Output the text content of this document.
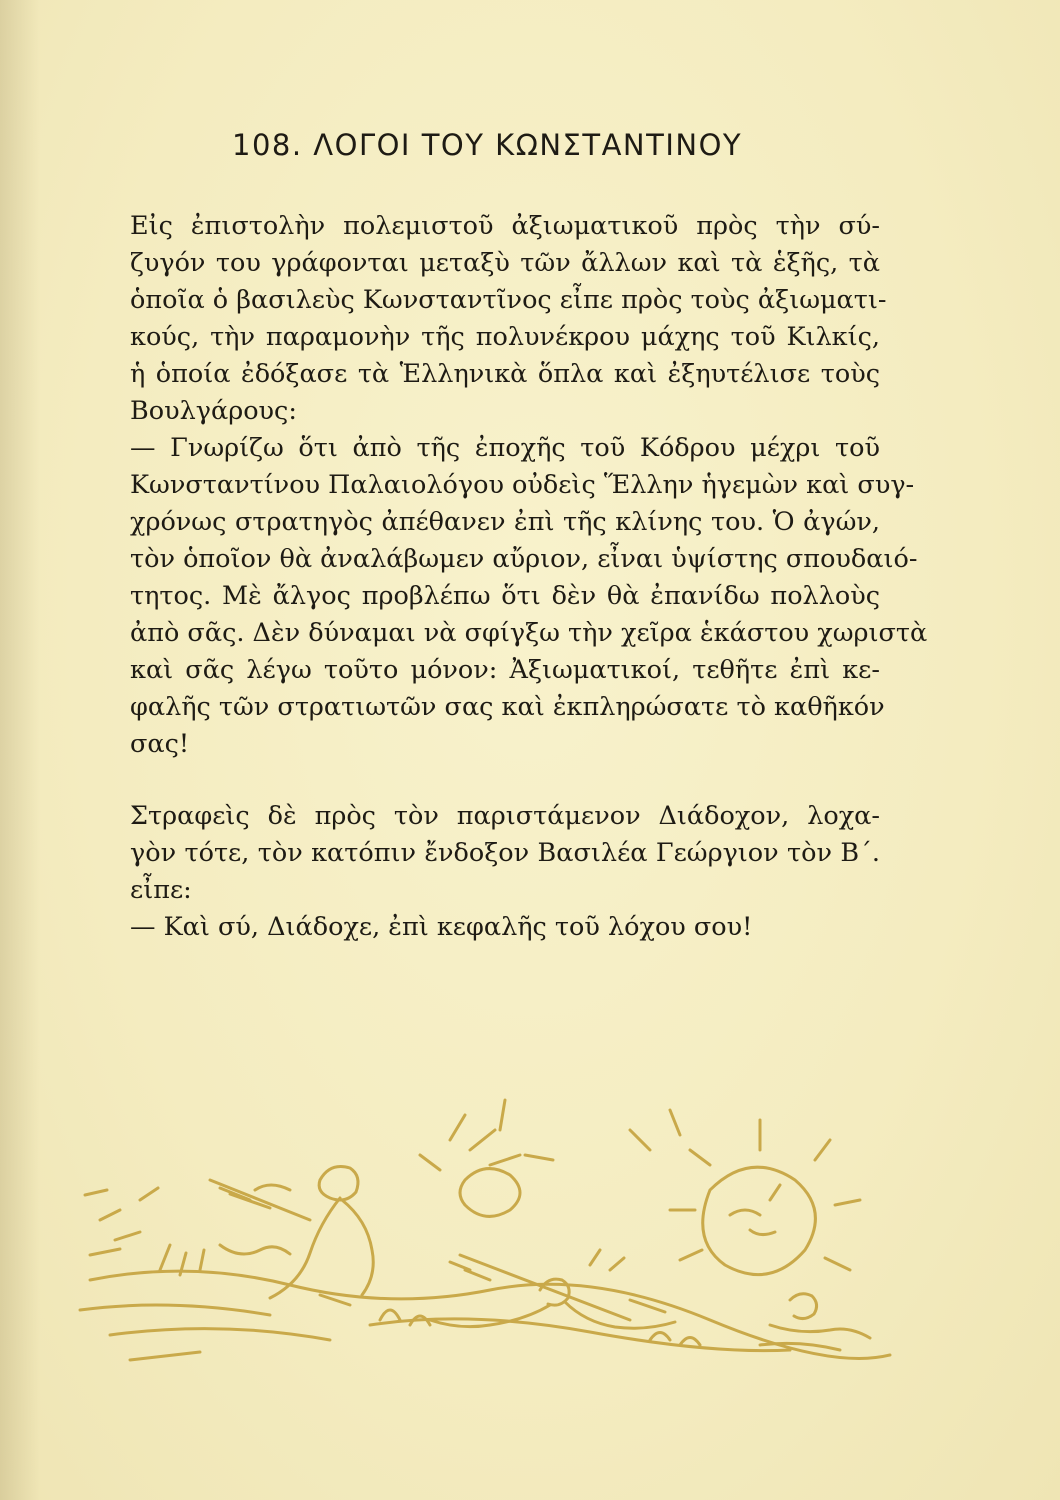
108. ΛΟΓΟΙ ΤΟΥ ΚΩΝΣΤΑΝΤΙΝΟΥ
Εἰς ἐπιστολὴν πολεμιστοῦ ἀξιωματικοῦ πρὸς τὴν σύ-
ζυγόν του γράφονται μεταξὺ τῶν ἄλλων καὶ τὰ ἑξῆς, τὰ
ὁποῖα ὁ βασιλεὺς Κωνσταντῖνος εἶπε πρὸς τοὺς ἀξιωματι-
κούς, τὴν παραμονὴν τῆς πολυνέκρου μάχης τοῦ Κιλκίς,
ἡ ὁποία ἐδόξασε τὰ Ἑλληνικὰ ὅπλα καὶ ἐξηυτέλισε τοὺς
Βουλγάρους:
— Γνωρίζω ὅτι ἀπὸ τῆς ἐποχῆς τοῦ Κόδρου μέχρι τοῦ
Κωνσταντίνου Παλαιολόγου οὐδεὶς Ἕλλην ἡγεμὼν καὶ συγ-
χρόνως στρατηγὸς ἀπέθανεν ἐπὶ τῆς κλίνης του. Ὁ ἀγών,
τὸν ὁποῖον θὰ ἀναλάβωμεν αὔριον, εἶναι ὑψίστης σπουδαιό-
τητος. Μὲ ἄλγος προβλέπω ὅτι δὲν θὰ ἐπανίδω πολλοὺς
ἀπὸ σᾶς. Δὲν δύναμαι νὰ σφίγξω τὴν χεῖρα ἑκάστου χωριστὰ
καὶ σᾶς λέγω τοῦτο μόνον: Ἀξιωματικοί, τεθῆτε ἐπὶ κε-
φαλῆς τῶν στρατιωτῶν σας καὶ ἐκπληρώσατε τὸ καθῆκόν
σας!
Στραφεὶς δὲ πρὸς τὸν παριστάμενον Διάδοχον, λοχα-
γὸν τότε, τὸν κατόπιν ἔνδοξον Βασιλέα Γεώργιον τὸν Β΄.
εἶπε:
— Καὶ σύ, Διάδοχε, ἐπὶ κεφαλῆς τοῦ λόχου σου!
